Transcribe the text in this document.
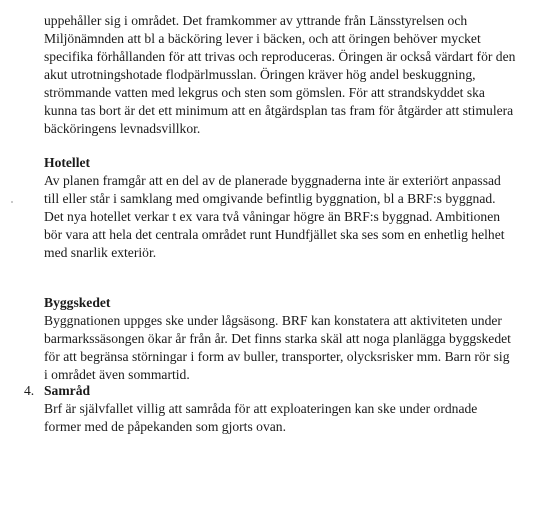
uppehåller sig i området. Det framkommer av yttrande från Länsstyrelsen och
Miljönämnden att bl a bäcköring lever i bäcken, och att öringen behöver mycket
specifika förhållanden för att trivas och reproduceras. Öringen är också värdart för den
akut utrotningshotade flodpärlmusslan. Öringen kräver hög andel beskuggning,
strömmande vatten med lekgrus och sten som gömslen. För att strandskyddet ska
kunna tas bort är det ett minimum att en åtgärdsplan tas fram för åtgärder att stimulera
bäcköringens levnadsvillkor.
Hotellet
Av planen framgår att en del av de planerade byggnaderna inte är exteriört anpassad
till eller står i samklang med omgivande befintlig byggnation, bl a BRF:s byggnad.
Det nya hotellet verkar t ex vara två våningar högre än BRF:s byggnad. Ambitionen
bör vara att hela det centrala området runt Hundfjället ska ses som en enhetlig helhet
med snarlik exteriör.
Byggskedet
Byggnationen uppges ske under lågsäsong. BRF kan konstatera att aktiviteten under
barmarkssäsongen ökar år från år. Det finns starka skäl att noga planlägga byggskedet
för att begränsa störningar i form av buller, transporter, olycksrisker mm. Barn rör sig
i området även sommartid.
4. Samråd
Brf är självfallet villig att samråda för att exploateringen kan ske under ordnade
former med de påpekanden som gjorts ovan.
